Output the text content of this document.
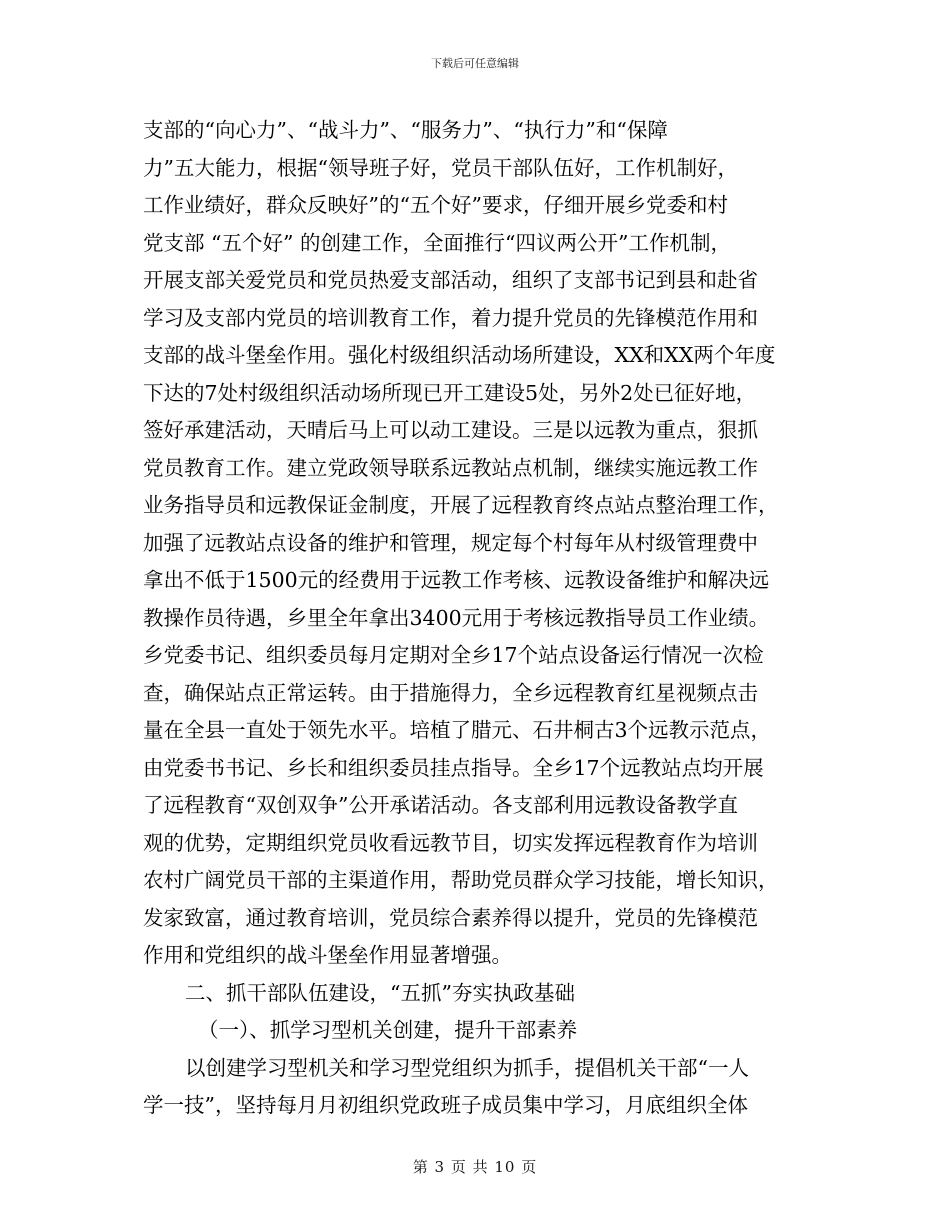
下载后可任意编辑
支部的“向心力”、“战斗力”、“服务力”、“执行力”和“保障
力”五大能力，根据“领导班子好，党员干部队伍好，工作机制好，
工作业绩好，群众反映好”的“五个好”要求，仔细开展乡党委和村
党支部 “五个好” 的创建工作，全面推行“四议两公开”工作机制，
开展支部关爱党员和党员热爱支部活动，组织了支部书记到县和赴省
学习及支部内党员的培训教育工作，着力提升党员的先锋模范作用和
支部的战斗堡垒作用。强化村级组织活动场所建设，XX和XX两个年度
下达的7处村级组织活动场所现已开工建设5处，另外2处已征好地，
签好承建活动，天晴后马上可以动工建设。三是以远教为重点，狠抓
党员教育工作。建立党政领导联系远教站点机制，继续实施远教工作
业务指导员和远教保证金制度，开展了远程教育终点站点整治理工作，
加强了远教站点设备的维护和管理，规定每个村每年从村级管理费中
拿出不低于1500元的经费用于远教工作考核、远教设备维护和解决远
教操作员待遇，乡里全年拿出3400元用于考核远教指导员工作业绩。
乡党委书记、组织委员每月定期对全乡17个站点设备运行情况一次检
查，确保站点正常运转。由于措施得力，全乡远程教育红星视频点击
量在全县一直处于领先水平。培植了腊元、石井桐古3个远教示范点，
由党委书书记、乡长和组织委员挂点指导。全乡17个远教站点均开展
了远程教育“双创双争”公开承诺活动。各支部利用远教设备教学直
观的优势，定期组织党员收看远教节目，切实发挥远程教育作为培训
农村广阔党员干部的主渠道作用，帮助党员群众学习技能，增长知识，
发家致富，通过教育培训，党员综合素养得以提升，党员的先锋模范
作用和党组织的战斗堡垒作用显著增强。
二、抓干部队伍建设，“五抓”夯实执政基础
（一）、抓学习型机关创建，提升干部素养
以创建学习型机关和学习型党组织为抓手，提倡机关干部“一人
学一技”，坚持每月月初组织党政班子成员集中学习，月底组织全体
第 3 页 共 10 页
